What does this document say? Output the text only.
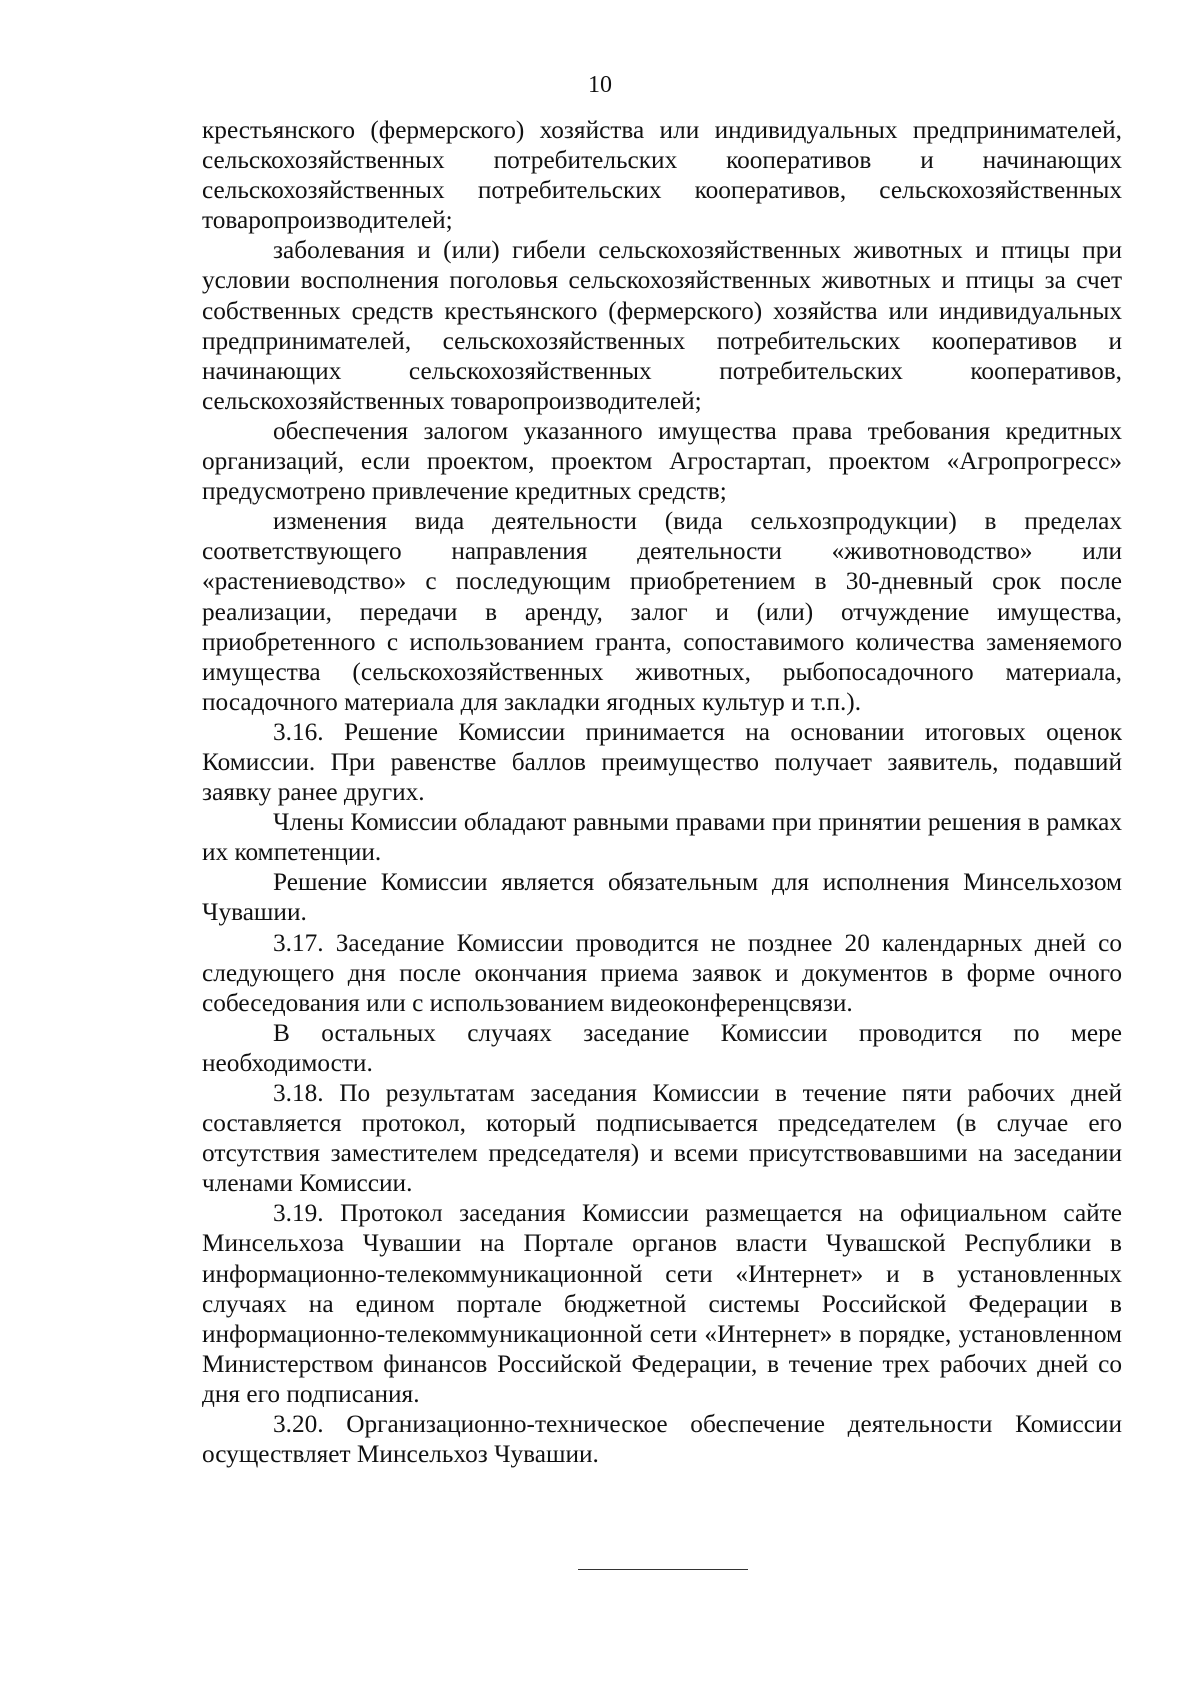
10

крестьянского (фермерского) хозяйства или индивидуальных предпринимателей, сельскохозяйственных потребительских кооперативов и начинающих сельскохозяйственных потребительских кооперативов, сельскохозяйственных товаропроизводителей;

заболевания и (или) гибели сельскохозяйственных животных и птицы при условии восполнения поголовья сельскохозяйственных животных и птицы за счет собственных средств крестьянского (фермерского) хозяйства или индивидуальных предпринимателей, сельскохозяйственных потребительских кооперативов и начинающих сельскохозяйственных потребительских кооперативов, сельскохозяйственных товаропроизводителей;

обеспечения залогом указанного имущества права требования кредитных организаций, если проектом, проектом Агростартап, проектом «Агропрогресс» предусмотрено привлечение кредитных средств;

изменения вида деятельности (вида сельхозпродукции) в пределах соответствующего направления деятельности «животноводство» или «растениеводство» с последующим приобретением в 30-дневный срок после реализации, передачи в аренду, залог и (или) отчуждение имущества, приобретенного с использованием гранта, сопоставимого количества заменяемого имущества (сельскохозяйственных животных, рыбопосадочного материала, посадочного материала для закладки ягодных культур и т.п.).

3.16. Решение Комиссии принимается на основании итоговых оценок Комиссии. При равенстве баллов преимущество получает заявитель, подавший заявку ранее других.

Члены Комиссии обладают равными правами при принятии решения в рамках их компетенции.

Решение Комиссии является обязательным для исполнения Минсельхозом Чувашии.

3.17. Заседание Комиссии проводится не позднее 20 календарных дней со следующего дня после окончания приема заявок и документов в форме очного собеседования или с использованием видеоконференцсвязи.

В остальных случаях заседание Комиссии проводится по мере необходимости.

3.18. По результатам заседания Комиссии в течение пяти рабочих дней составляется протокол, который подписывается председателем (в случае его отсутствия заместителем председателя) и всеми присутствовавшими на заседании членами Комиссии.

3.19. Протокол заседания Комиссии размещается на официальном сайте Минсельхоза Чувашии на Портале органов власти Чувашской Республики в информационно-телекоммуникационной сети «Интернет» и в установленных случаях на едином портале бюджетной системы Российской Федерации в информационно-телекоммуникационной сети «Интернет» в порядке, установленном Министерством финансов Российской Федерации, в течение трех рабочих дней со дня его подписания.

3.20. Организационно-техническое обеспечение деятельности Комиссии осуществляет Минсельхоз Чувашии.
